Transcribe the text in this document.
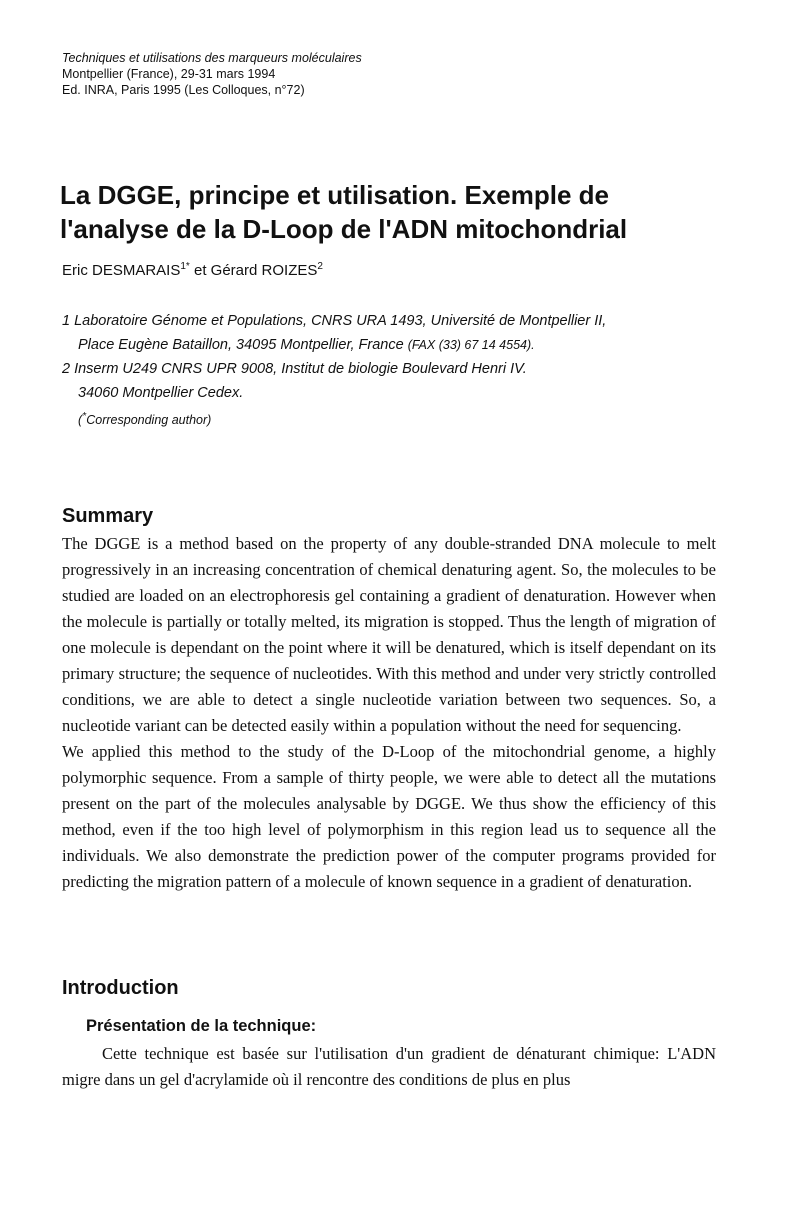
Techniques et utilisations des marqueurs moléculaires
Montpellier (France), 29-31 mars 1994
Ed. INRA, Paris 1995 (Les Colloques, n°72)
La DGGE, principe et utilisation. Exemple de
l'analyse de la D-Loop de l'ADN mitochondrial
Eric $DESMARAIS^{1*}$ et Gérard ROIZES$^2$
1 Laboratoire Génome et Populations, CNRS URA 1493, Université de Montpellier II,
Place Eugène Bataillon, 34095 Montpellier, France (FAX (33) 67 14 4554).
2 Inserm U249 CNRS UPR 9008, Institut de biologie Boulevard Henri IV.
34060 Montpellier Cedex.
(*Corresponding author)
Summary

The DGGE is a method based on the property of any double-stranded DNA molecule to melt progressively in an increasing concentration of chemical denaturing agent. So, the molecules to be studied are loaded on an electrophoresis gel containing a gradient of denaturation. However when the molecule is partially or totally melted, its migration is stopped. Thus the length of migration of one molecule is dependant on the point where it will be denatured, which is itself dependant on its primary structure; the sequence of nucleotides. With this method and under very strictly controlled conditions, we are able to detect a single nucleotide variation between two sequences. So, a nucleotide variant can be detected easily within a population without the need for sequencing.

We applied this method to the study of the D-Loop of the mitochondrial genome, a highly polymorphic sequence. From a sample of thirty people, we were able to detect all the mutations present on the part of the molecules analysable by DGGE. We thus show the efficiency of this method, even if the too high level of polymorphism in this region lead us to sequence all the individuals. We also demonstrate the prediction power of the computer programs provided for predicting the migration pattern of a molecule of known sequence in a gradient of denaturation.

Introduction
Présentation de la technique:

Cette technique est basée sur l'utilisation d'un gradient de dénaturant chimique: L'ADN migre dans un gel d'acrylamide où il rencontre des conditions de plus en plus
